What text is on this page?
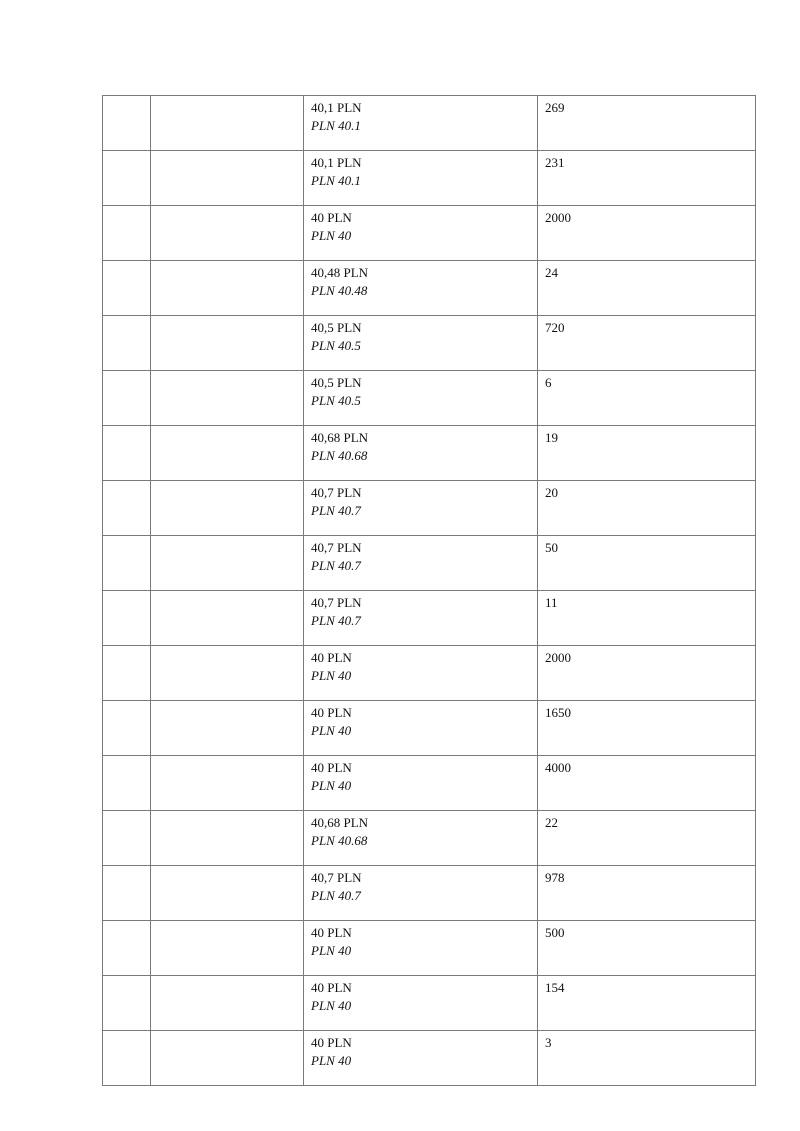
		40,1 PLN
PLN 40.1	269

		40,1 PLN
PLN 40.1	231

		40 PLN
PLN 40	2000

		40,48 PLN
PLN 40.48	24

		40,5 PLN
PLN 40.5	720

		40,5 PLN
PLN 40.5	6

		40,68 PLN
PLN 40.68	19

		40,7 PLN
PLN 40.7	20

		40,7 PLN
PLN 40.7	50

		40,7 PLN
PLN 40.7	11

		40 PLN
PLN 40	2000

		40 PLN
PLN 40	1650

		40 PLN
PLN 40	4000

		40,68 PLN
PLN 40.68	22

		40,7 PLN
PLN 40.7	978

		40 PLN
PLN 40	500

		40 PLN
PLN 40	154

		40 PLN
PLN 40	3
